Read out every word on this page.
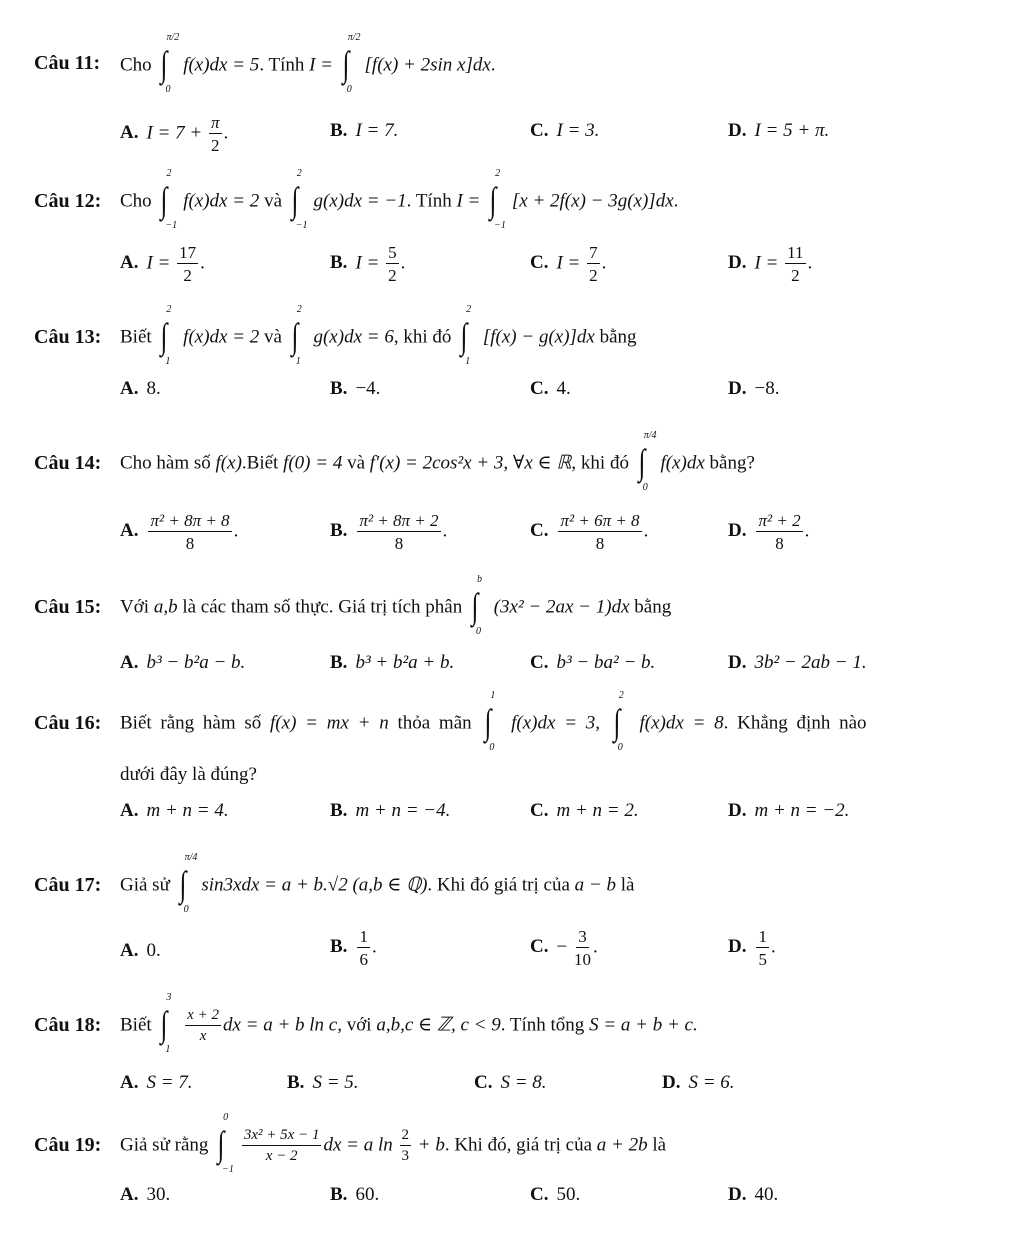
Câu 11: Cho ∫
π/2
0
f(x)dx = 5. Tính I = ∫
π/2
0
[f(x) + 2sin x]dx.
A. $I = 7 + \frac{\pi}{2}$ .	B. I = 7.	C. I = 3.	D. I = 5 + π.
Câu 12: Cho ∫
2
−1
f(x)dx = 2 và ∫
2
−1
g(x)dx = −1. Tính I = ∫
2
−1
[x + 2f(x) − 3g(x)]dx.
A. $I = \frac{17}{2}$ .	B. $I = \frac{5}{2}$ .	C. $I = \frac{7}{2}$ .	D. $I = \frac{11}{2}$ .
Câu 13: Biết ∫
2
1
f(x)dx = 2 và ∫
2
1
g(x)dx = 6, khi đó ∫
2
1
[f(x) − g(x)]dx bằng
A. 8.	B. −4.	C. 4.	D. −8.
Câu 14: Cho hàm số f(x).Biết f(0) = 4 và f′(x) = 2cos²x + 3, ∀x ∈ ℝ, khi đó ∫
π/4
0
f(x)dx bằng?
A. $\frac{\text{π² + 8π + 8}}{8}$ .	B. $\frac{\text{π² + 8π + 2}}{8}$ .	C. $\frac{\text{π² + 6π + 8}}{8}$ .	D. $\frac{\text{π² + 2}}{8}$ .
Câu 15: Với a,b là các tham số thực. Giá trị tích phân ∫
b
0
(3x² − 2ax − 1)dx bằng
A. b³ − b²a − b.	B. b³ + b²a + b.	C. b³ − ba² − b.	D. 3b² − 2ab − 1.
Câu 16: Biết rằng hàm số f(x) = mx + n thỏa mãn ∫
1
0
f(x)dx = 3, ∫
2
0
f(x)dx = 8. Khẳng định nào
dưới đây là đúng?
A. m + n = 4.	B. m + n = −4.	C. m + n = 2.	D. m + n = −2.
Câu 17: Giả sử ∫
π/4
0
sin3xdx = a + b.√2 (a,b ∈ ℚ). Khi đó giá trị của a − b là
A. 0.	B. $\frac{1}{6}$ .	C. − $\frac{3}{10}$ .	D. $\frac{1}{5}$ .
Câu 18: Biết ∫
3
1

$\frac{x + 2}{x}$ dx = a + b ln c, với a,b,c ∈ ℤ, c < 9. Tính tổng S = a + b + c.
A. S = 7.	B. S = 5.	C. S = 8.	D. S = 6.
Câu 19: Giả sử rằng ∫
0
−1

$\frac{\text{3x² + 5x − 1}}{x - 2}$ dx = a $\ln \frac{2}{3} + b$. Khi đó, giá trị của a + 2b là
A. 30.	B. 60.	C. 50.	D. 40.
